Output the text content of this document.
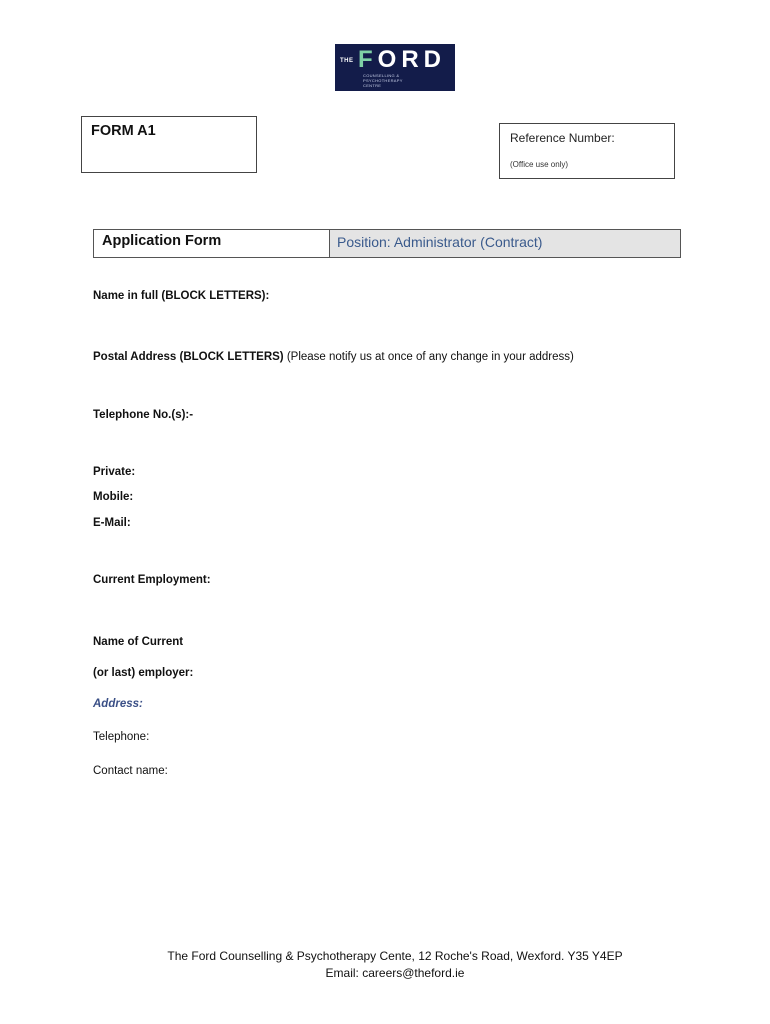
THE FORD
COUNSELLING &
PSYCHOTHERAPY
CENTRE
FORM A1	Reference Number:
(Office use only)
Application Form	Position: Administrator (Contract)
Name in full (BLOCK LETTERS):
Postal Address (BLOCK LETTERS) (Please notify us at once of any change in your address)
Telephone No.(s):-
Private:
Mobile:
E-Mail:
Current Employment:
Name of Current
(or last) employer:
Address:
Telephone:
Contact name:
The Ford Counselling & Psychotherapy Cente, 12 Roche's Road, Wexford. Y35 Y4EP
Email: careers@theford.ie
